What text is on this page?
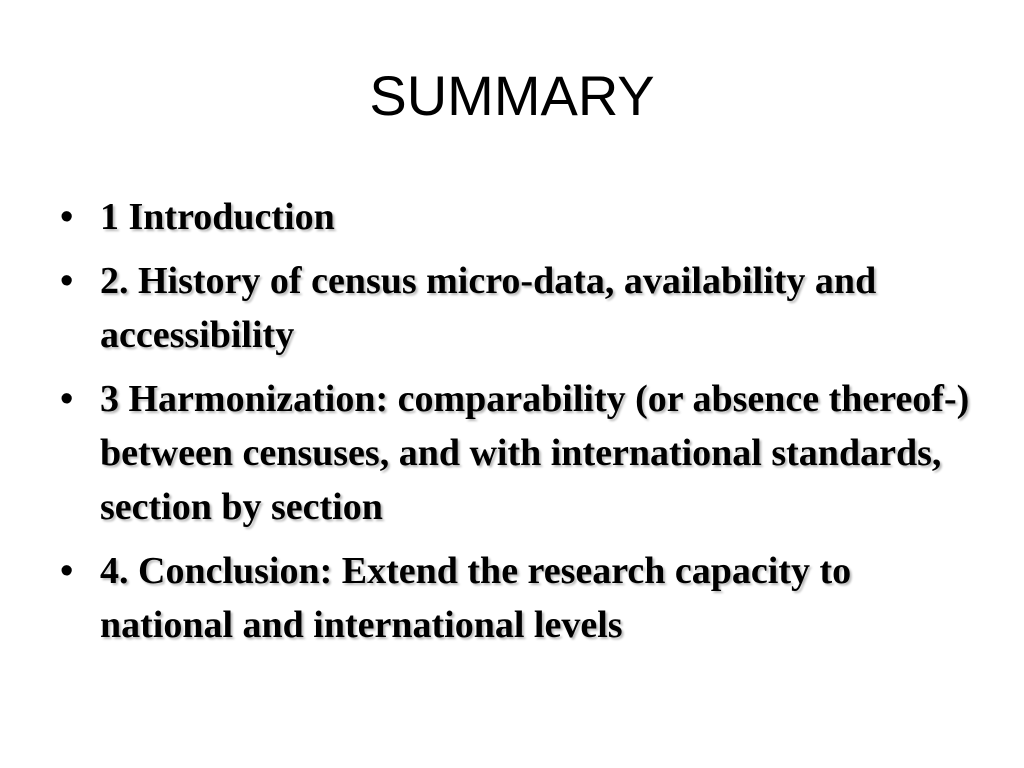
SUMMARY
• 1 Introduction
• 2. History of census micro-data, availability and accessibility
• 3 Harmonization: comparability (or absence thereof-) between censuses, and with international standards, section by section
• 4. Conclusion: Extend the research capacity to national and international levels
